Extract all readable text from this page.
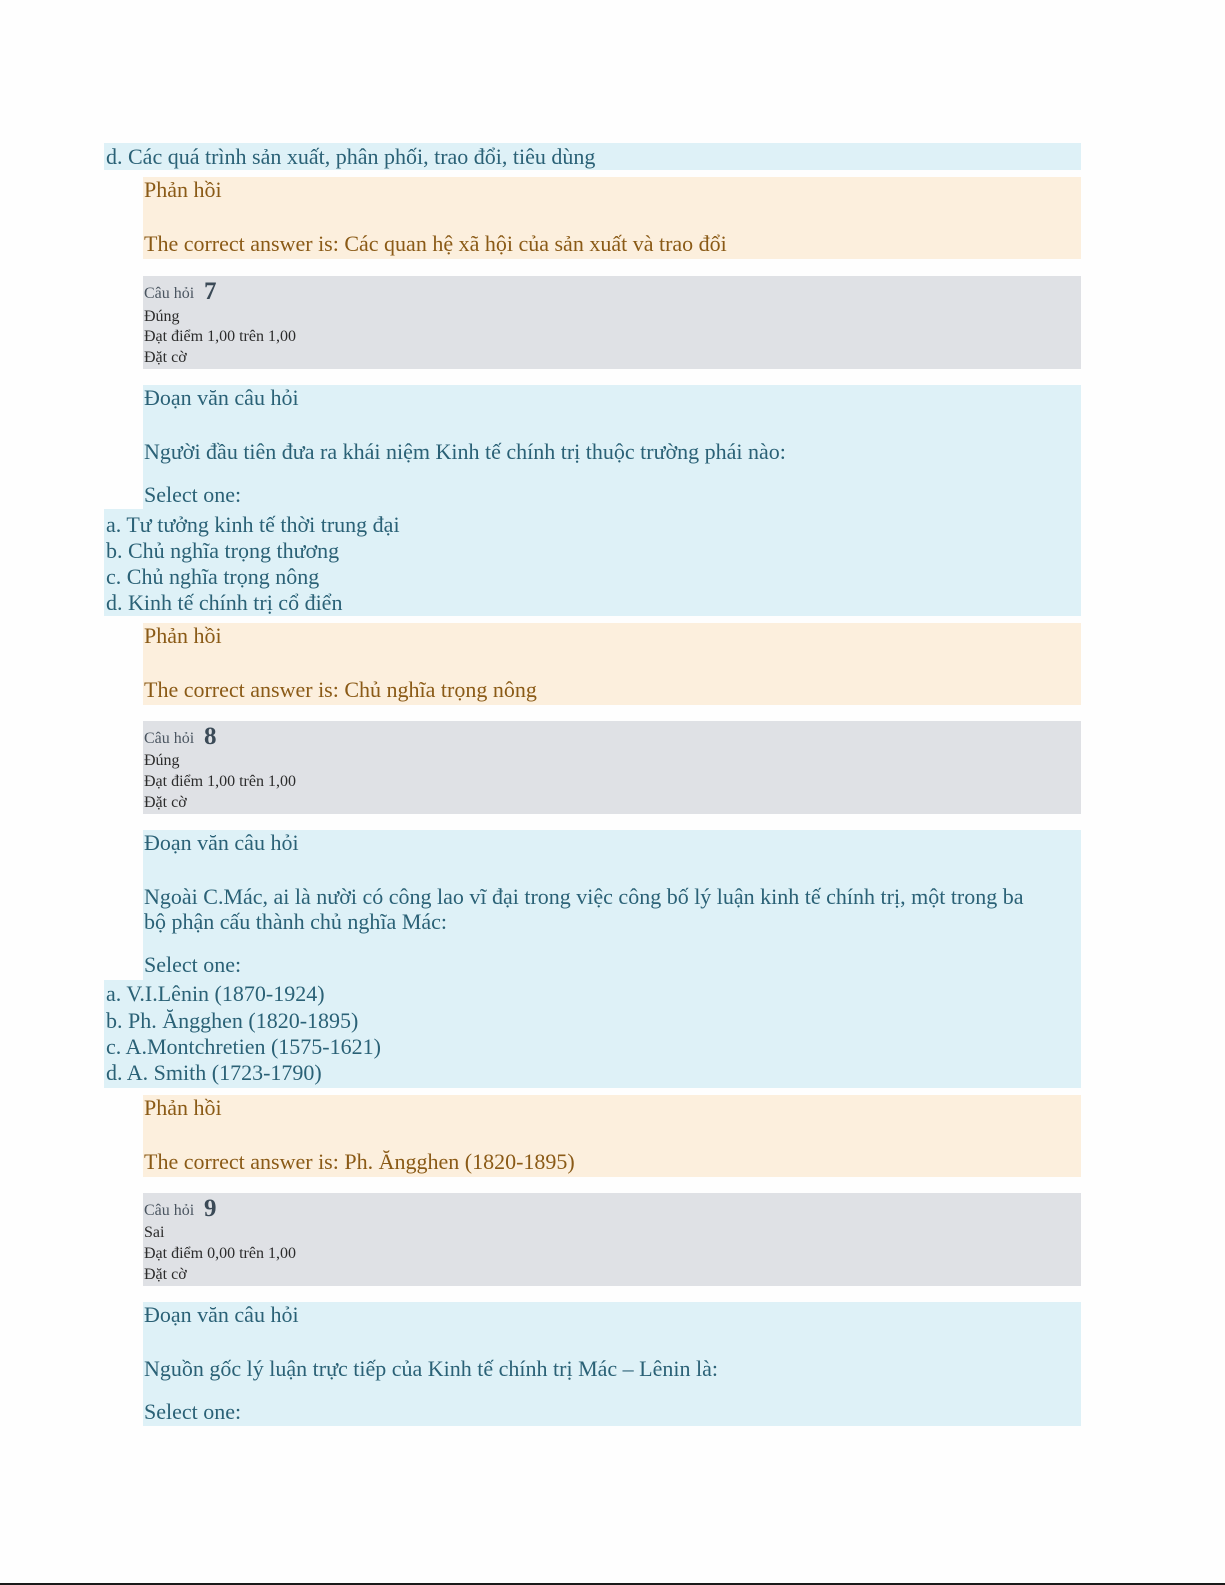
d. Các quá trình sản xuất, phân phối, trao đổi, tiêu dùng
Phản hồi
The correct answer is: Các quan hệ xã hội của sản xuất và trao đổi
Câu hỏi 7
Đúng
Đạt điểm 1,00 trên 1,00
Đặt cờ
Đoạn văn câu hỏi
Người đầu tiên đưa ra khái niệm Kinh tế chính trị thuộc trường phái nào:
Select one:
a. Tư tưởng kinh tế thời trung đại
b. Chủ nghĩa trọng thương
c. Chủ nghĩa trọng nông
d. Kinh tế chính trị cổ điển
Phản hồi
The correct answer is: Chủ nghĩa trọng nông
Câu hỏi 8
Đúng
Đạt điểm 1,00 trên 1,00
Đặt cờ
Đoạn văn câu hỏi
Ngoài C.Mác, ai là nười có công lao vĩ đại trong việc công bố lý luận kinh tế chính trị, một trong ba
bộ phận cấu thành chủ nghĩa Mác:
Select one:
a. V.I.Lênin (1870-1924)
b. Ph. Ăngghen (1820-1895)
c. A.Montchretien (1575-1621)
d. A. Smith (1723-1790)
Phản hồi
The correct answer is: Ph. Ăngghen (1820-1895)
Câu hỏi 9
Sai
Đạt điểm 0,00 trên 1,00
Đặt cờ
Đoạn văn câu hỏi
Nguồn gốc lý luận trực tiếp của Kinh tế chính trị Mác – Lênin là:
Select one:
